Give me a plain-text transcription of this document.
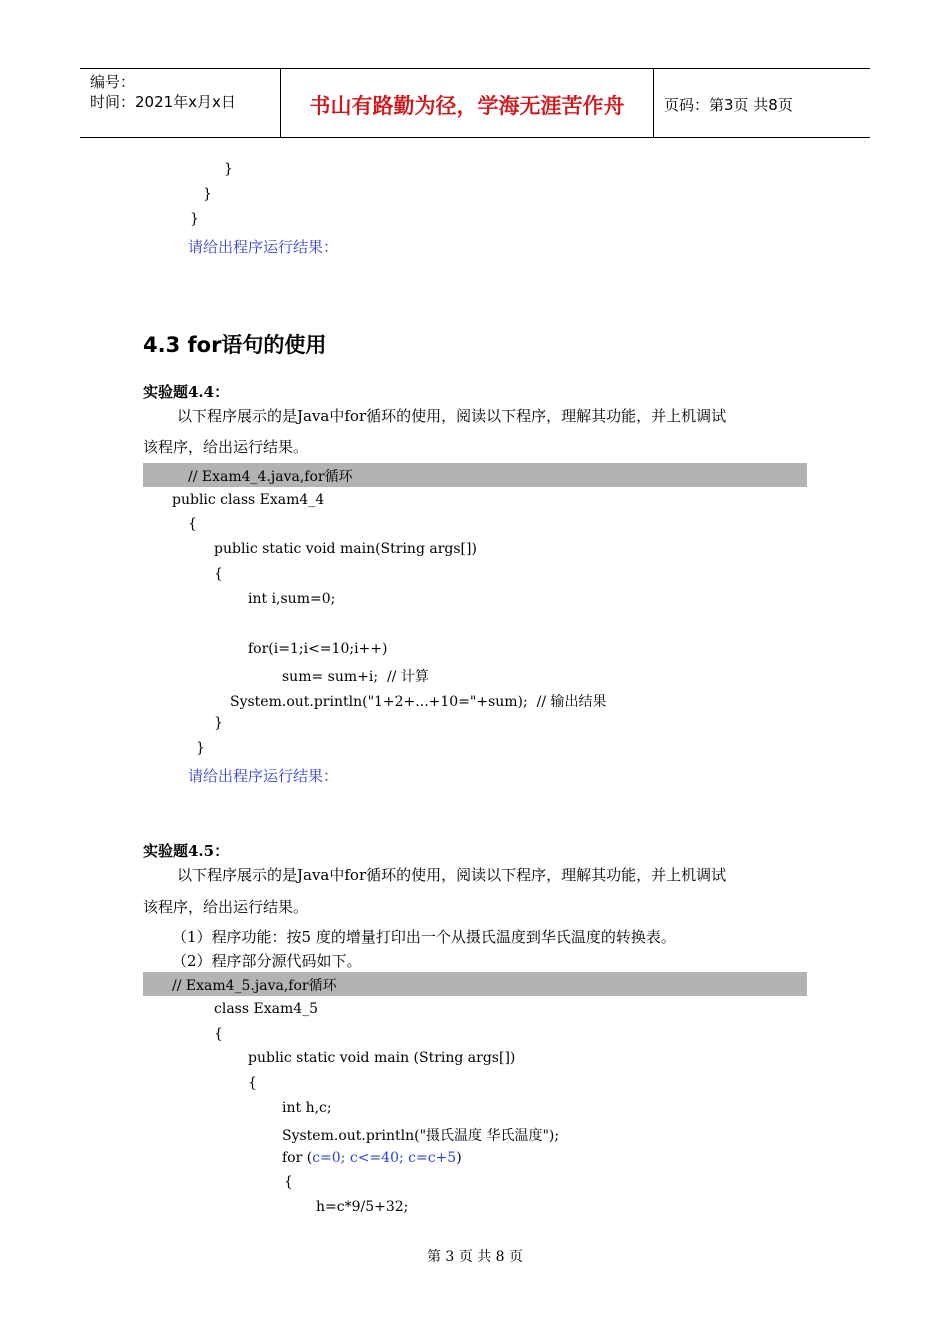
编号：
时间：2021年x月x日	书山有路勤为径，学海无涯苦作舟	页码：第3页 共8页
}
}
}
请给出程序运行结果：
4.3 for语句的使用
实验题4.4：
以下程序展示的是Java中for循环的使用，阅读以下程序，理解其功能，并上机调试
该程序，给出运行结果。
// Exam4_4.java,for循环
public class Exam4_4
{
public static void main(String args[])
{
int i,sum=0;
for(i=1;i<=10;i++)
sum= sum+i;  // 计算
System.out.println("1+2+...+10="+sum);  // 输出结果
}
}
请给出程序运行结果：
实验题4.5：
以下程序展示的是Java中for循环的使用，阅读以下程序，理解其功能，并上机调试
该程序，给出运行结果。
（1）程序功能：按5 度的增量打印出一个从摄氏温度到华氏温度的转换表。
（2）程序部分源代码如下。
// Exam4_5.java,for循环
class Exam4_5
{
public static void main (String args[])
{
int h,c;
System.out.println("摄氏温度 华氏温度");
for (c=0; c<=40; c=c+5)
{
h=c*9/5+32;
第 3 页 共 8 页
